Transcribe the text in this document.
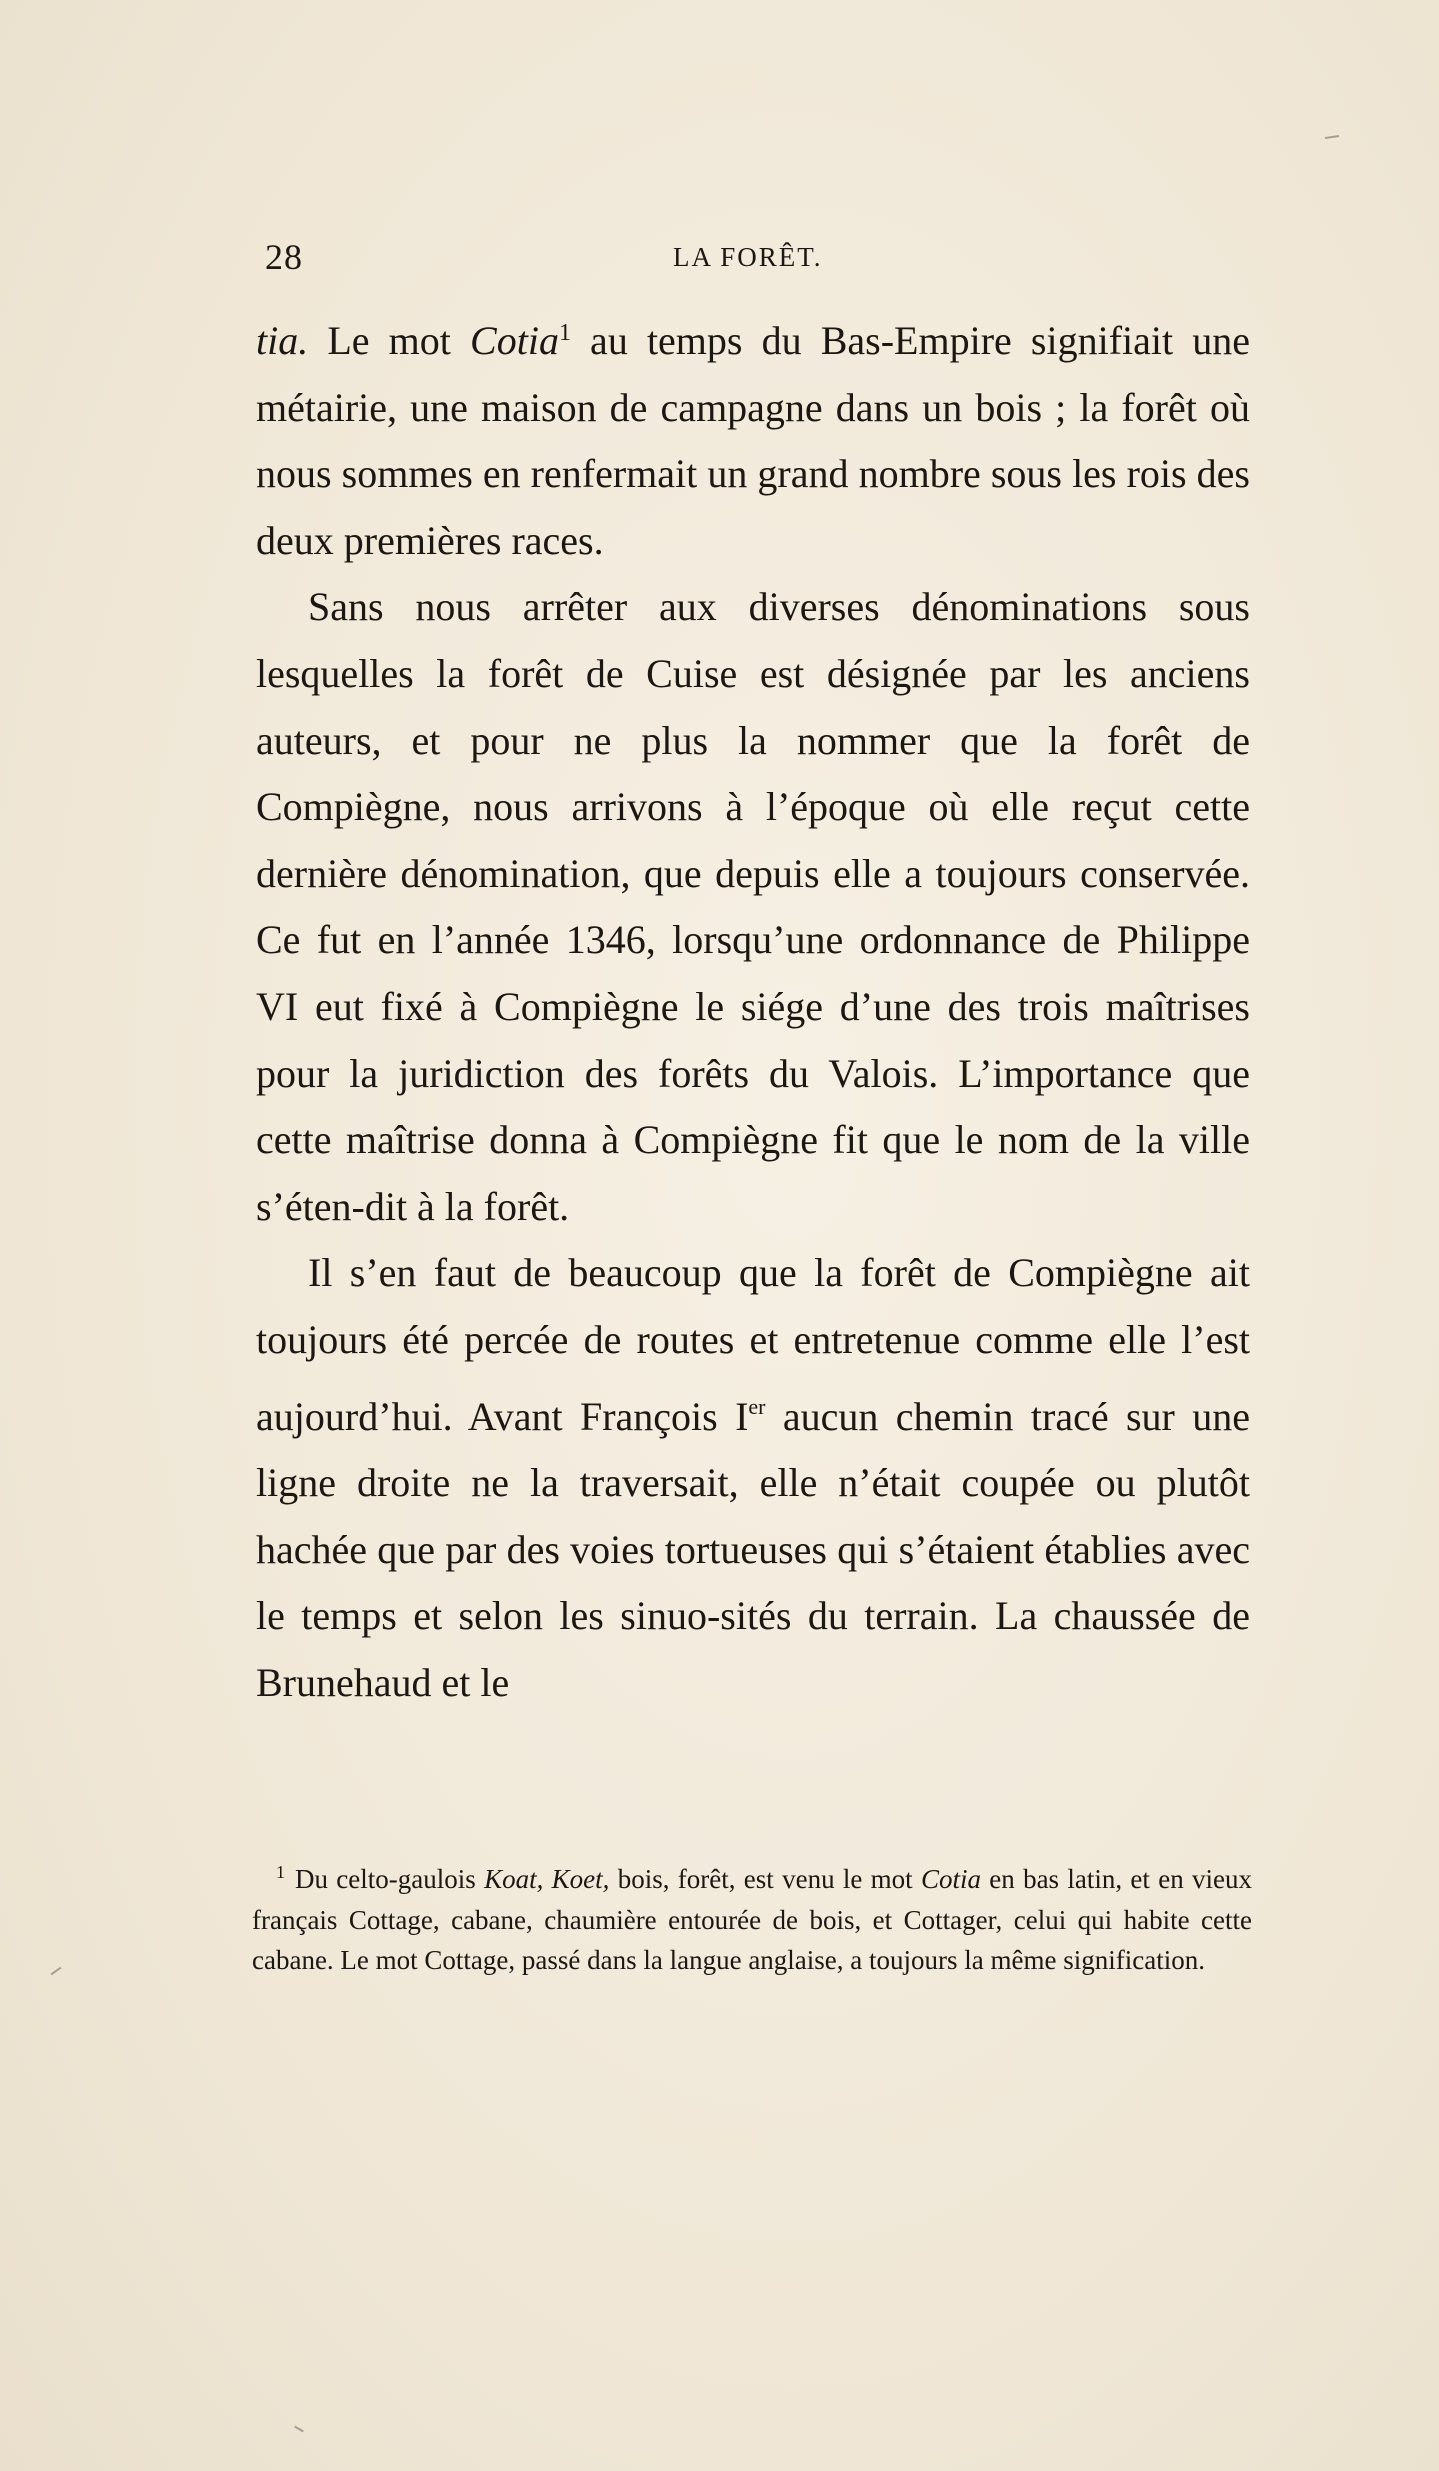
28	LA FORÊT.

tia. Le mot Cotia$^1$ au temps du Bas-Empire signifiait une métairie, une maison de campagne dans un bois ; la forêt où nous sommes en renfermait un grand nombre sous les rois des deux premières races.

Sans nous arrêter aux diverses dénominations sous lesquelles la forêt de Cuise est désignée par les anciens auteurs, et pour ne plus la nommer que la forêt de Compiègne, nous arrivons à l’époque où elle reçut cette dernière dénomination, que depuis elle a toujours conservée. Ce fut en l’année 1346, lorsqu’une ordonnance de Philippe VI eut fixé à Compiègne le siége d’une des trois maîtrises pour la juridiction des forêts du Valois. L’importance que cette maîtrise donna à Compiègne fit que le nom de la ville s’éten-dit à la forêt.

Il s’en faut de beaucoup que la forêt de Compiègne ait toujours été percée de routes et entretenue comme elle l’est aujourd’hui. Avant François Ier aucun chemin tracé sur une ligne droite ne la traversait, elle n’était coupée ou plutôt hachée que par des voies tortueuses qui s’étaient établies avec le temps et selon les sinuo-sités du terrain. La chaussée de Brunehaud et le

$^1$ Du celto-gaulois Koat, Koet, bois, forêt, est venu le mot Cotia en bas latin, et en vieux français Cottage, cabane, chaumière entourée de bois, et Cottager, celui qui habite cette cabane. Le mot Cottage, passé dans la langue anglaise, a toujours la même signification.
